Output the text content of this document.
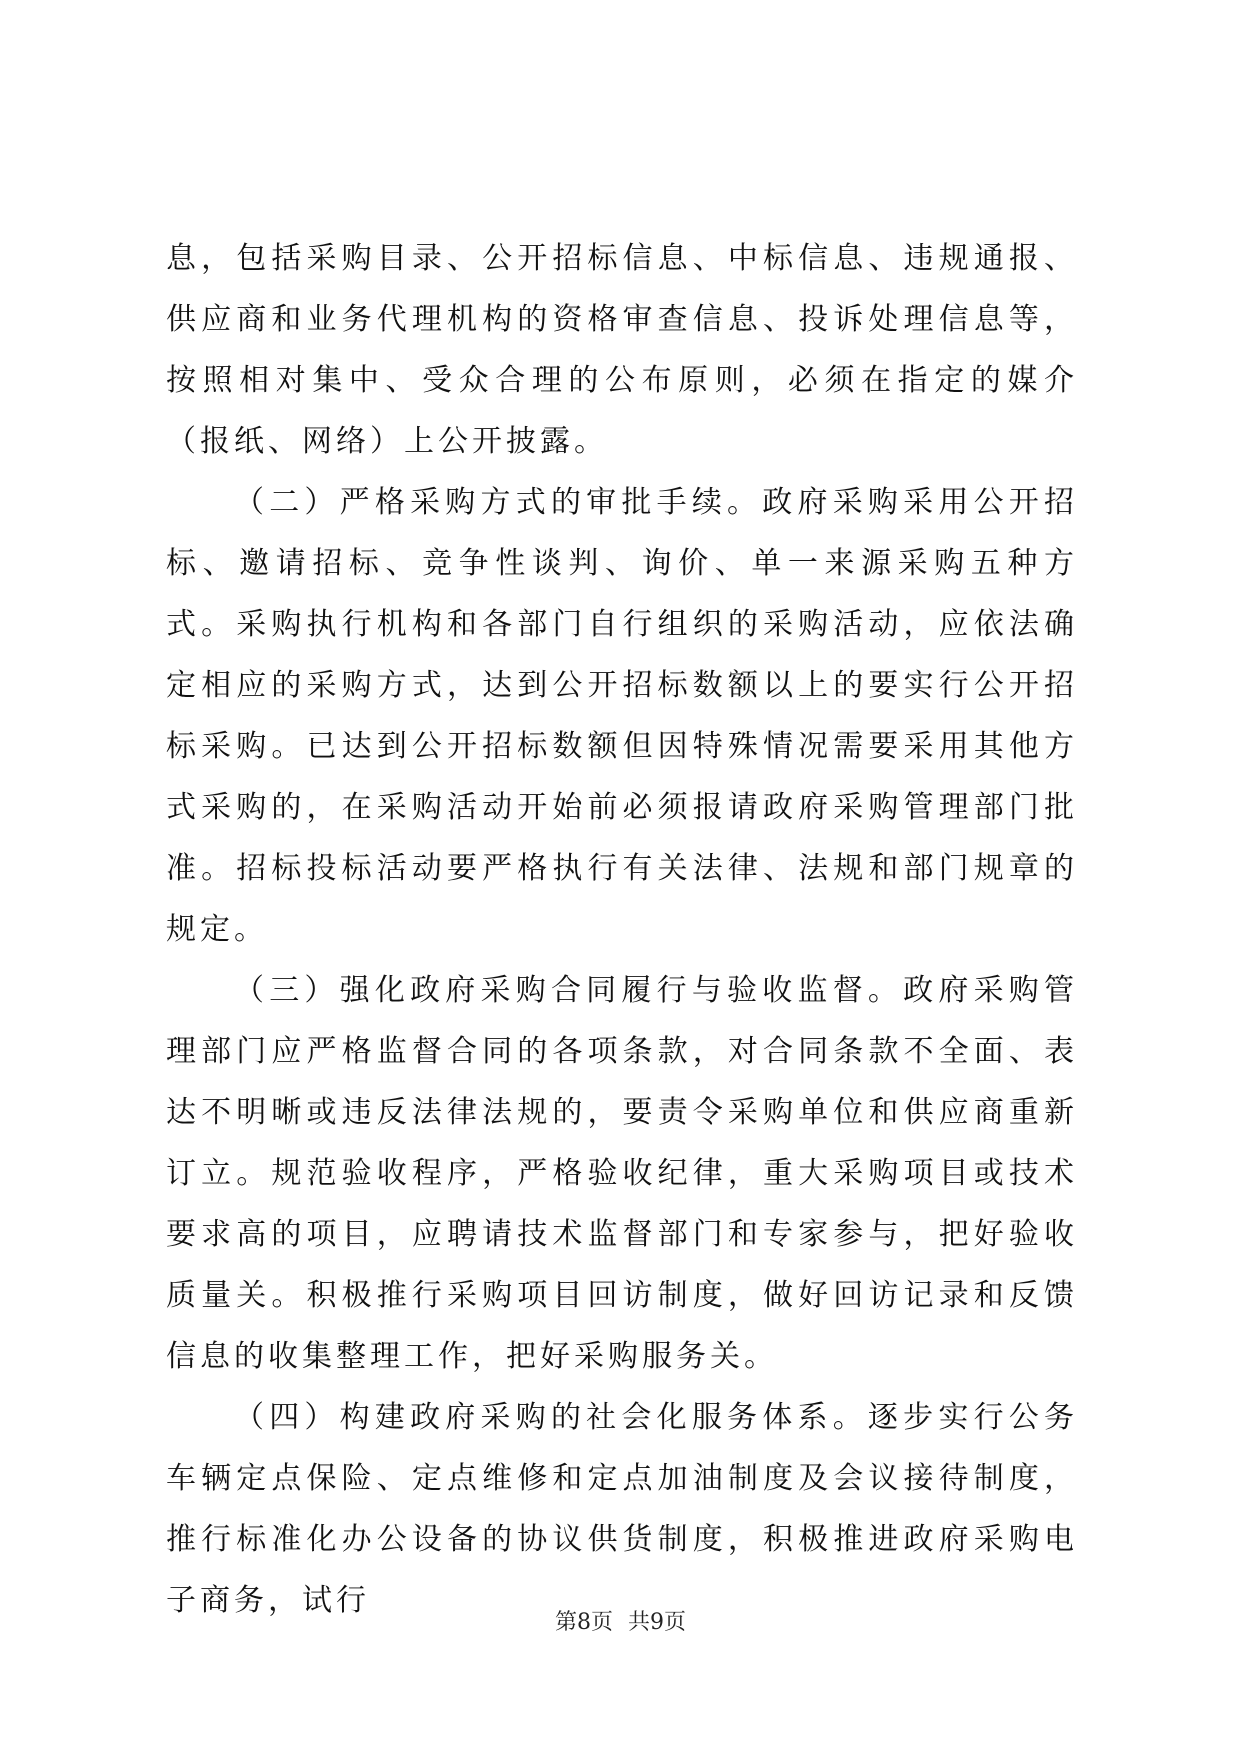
息，包括采购目录、公开招标信息、中标信息、违规通报、供应商和业务代理机构的资格审查信息、投诉处理信息等，按照相对集中、受众合理的公布原则，必须在指定的媒介（报纸、网络）上公开披露。

（二）严格采购方式的审批手续。政府采购采用公开招标、邀请招标、竞争性谈判、询价、单一来源采购五种方式。采购执行机构和各部门自行组织的采购活动，应依法确定相应的采购方式，达到公开招标数额以上的要实行公开招标采购。已达到公开招标数额但因特殊情况需要采用其他方式采购的，在采购活动开始前必须报请政府采购管理部门批准。招标投标活动要严格执行有关法律、法规和部门规章的规定。

（三）强化政府采购合同履行与验收监督。政府采购管理部门应严格监督合同的各项条款，对合同条款不全面、表达不明晰或违反法律法规的，要责令采购单位和供应商重新订立。规范验收程序，严格验收纪律，重大采购项目或技术要求高的项目，应聘请技术监督部门和专家参与，把好验收质量关。积极推行采购项目回访制度，做好回访记录和反馈信息的收集整理工作，把好采购服务关。

（四）构建政府采购的社会化服务体系。逐步实行公务车辆定点保险、定点维修和定点加油制度及会议接待制度，推行标准化办公设备的协议供货制度，积极推进政府采购电子商务，试行

第8页 共9页
